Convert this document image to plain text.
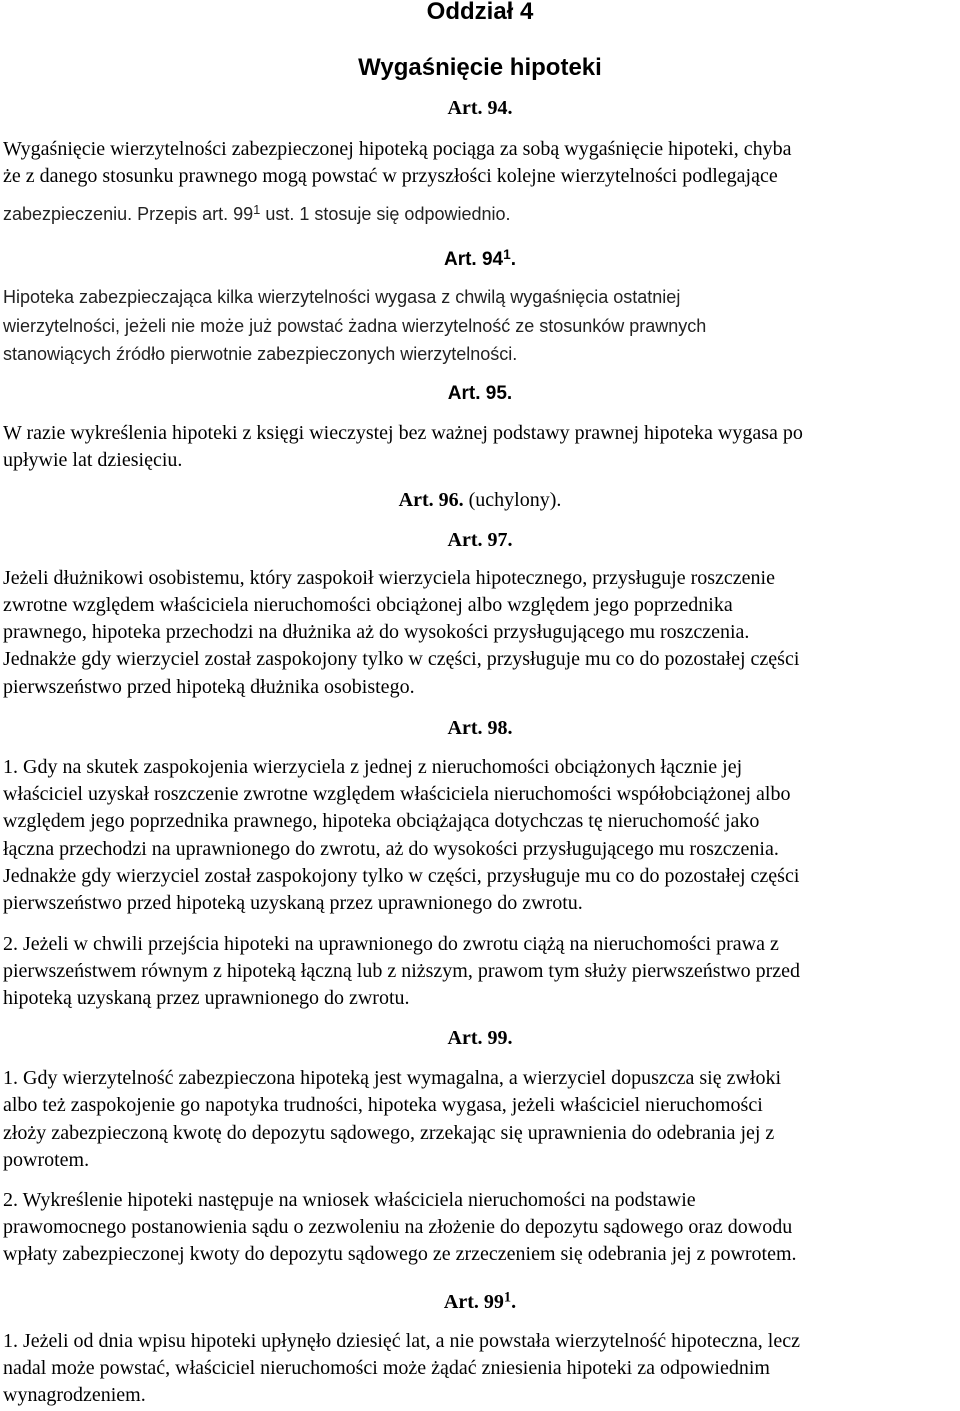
Oddział 4
Wygaśnięcie hipoteki
Art. 94.
Wygaśnięcie wierzytelności zabezpieczonej hipoteką pociąga za sobą wygaśnięcie hipoteki, chyba
że z danego stosunku prawnego mogą powstać w przyszłości kolejne wierzytelności podlegające
zabezpieczeniu. Przepis art. $99^1$ ust. 1 stosuje się odpowiednio.
Art. $94^1$.
Hipoteka zabezpieczająca kilka wierzytelności wygasa z chwilą wygaśnięcia ostatniej
wierzytelności, jeżeli nie może już powstać żadna wierzytelność ze stosunków prawnych
stanowiących źródło pierwotnie zabezpieczonych wierzytelności.
Art. 95.
W razie wykreślenia hipoteki z księgi wieczystej bez ważnej podstawy prawnej hipoteka wygasa po
upływie lat dziesięciu.
Art. 96. (uchylony).
Art. 97.
Jeżeli dłużnikowi osobistemu, który zaspokoił wierzyciela hipotecznego, przysługuje roszczenie
zwrotne względem właściciela nieruchomości obciążonej albo względem jego poprzednika
prawnego, hipoteka przechodzi na dłużnika aż do wysokości przysługującego mu roszczenia.
Jednakże gdy wierzyciel został zaspokojony tylko w części, przysługuje mu co do pozostałej części
pierwszeństwo przed hipoteką dłużnika osobistego.
Art. 98.
1. Gdy na skutek zaspokojenia wierzyciela z jednej z nieruchomości obciążonych łącznie jej
właściciel uzyskał roszczenie zwrotne względem właściciela nieruchomości współobciążonej albo
względem jego poprzednika prawnego, hipoteka obciążająca dotychczas tę nieruchomość jako
łączna przechodzi na uprawnionego do zwrotu, aż do wysokości przysługującego mu roszczenia.
Jednakże gdy wierzyciel został zaspokojony tylko w części, przysługuje mu co do pozostałej części
pierwszeństwo przed hipoteką uzyskaną przez uprawnionego do zwrotu.
2. Jeżeli w chwili przejścia hipoteki na uprawnionego do zwrotu ciążą na nieruchomości prawa z
pierwszeństwem równym z hipoteką łączną lub z niższym, prawom tym służy pierwszeństwo przed
hipoteką uzyskaną przez uprawnionego do zwrotu.
Art. 99.
1. Gdy wierzytelność zabezpieczona hipoteką jest wymagalna, a wierzyciel dopuszcza się zwłoki
albo też zaspokojenie go napotyka trudności, hipoteka wygasa, jeżeli właściciel nieruchomości
złoży zabezpieczoną kwotę do depozytu sądowego, zrzekając się uprawnienia do odebrania jej z
powrotem.
2. Wykreślenie hipoteki następuje na wniosek właściciela nieruchomości na podstawie
prawomocnego postanowienia sądu o zezwoleniu na złożenie do depozytu sądowego oraz dowodu
wpłaty zabezpieczonej kwoty do depozytu sądowego ze zrzeczeniem się odebrania jej z powrotem.
Art. $99^1$.
1. Jeżeli od dnia wpisu hipoteki upłynęło dziesięć lat, a nie powstała wierzytelność hipoteczna, lecz
nadal może powstać, właściciel nieruchomości może żądać zniesienia hipoteki za odpowiednim
wynagrodzeniem.
